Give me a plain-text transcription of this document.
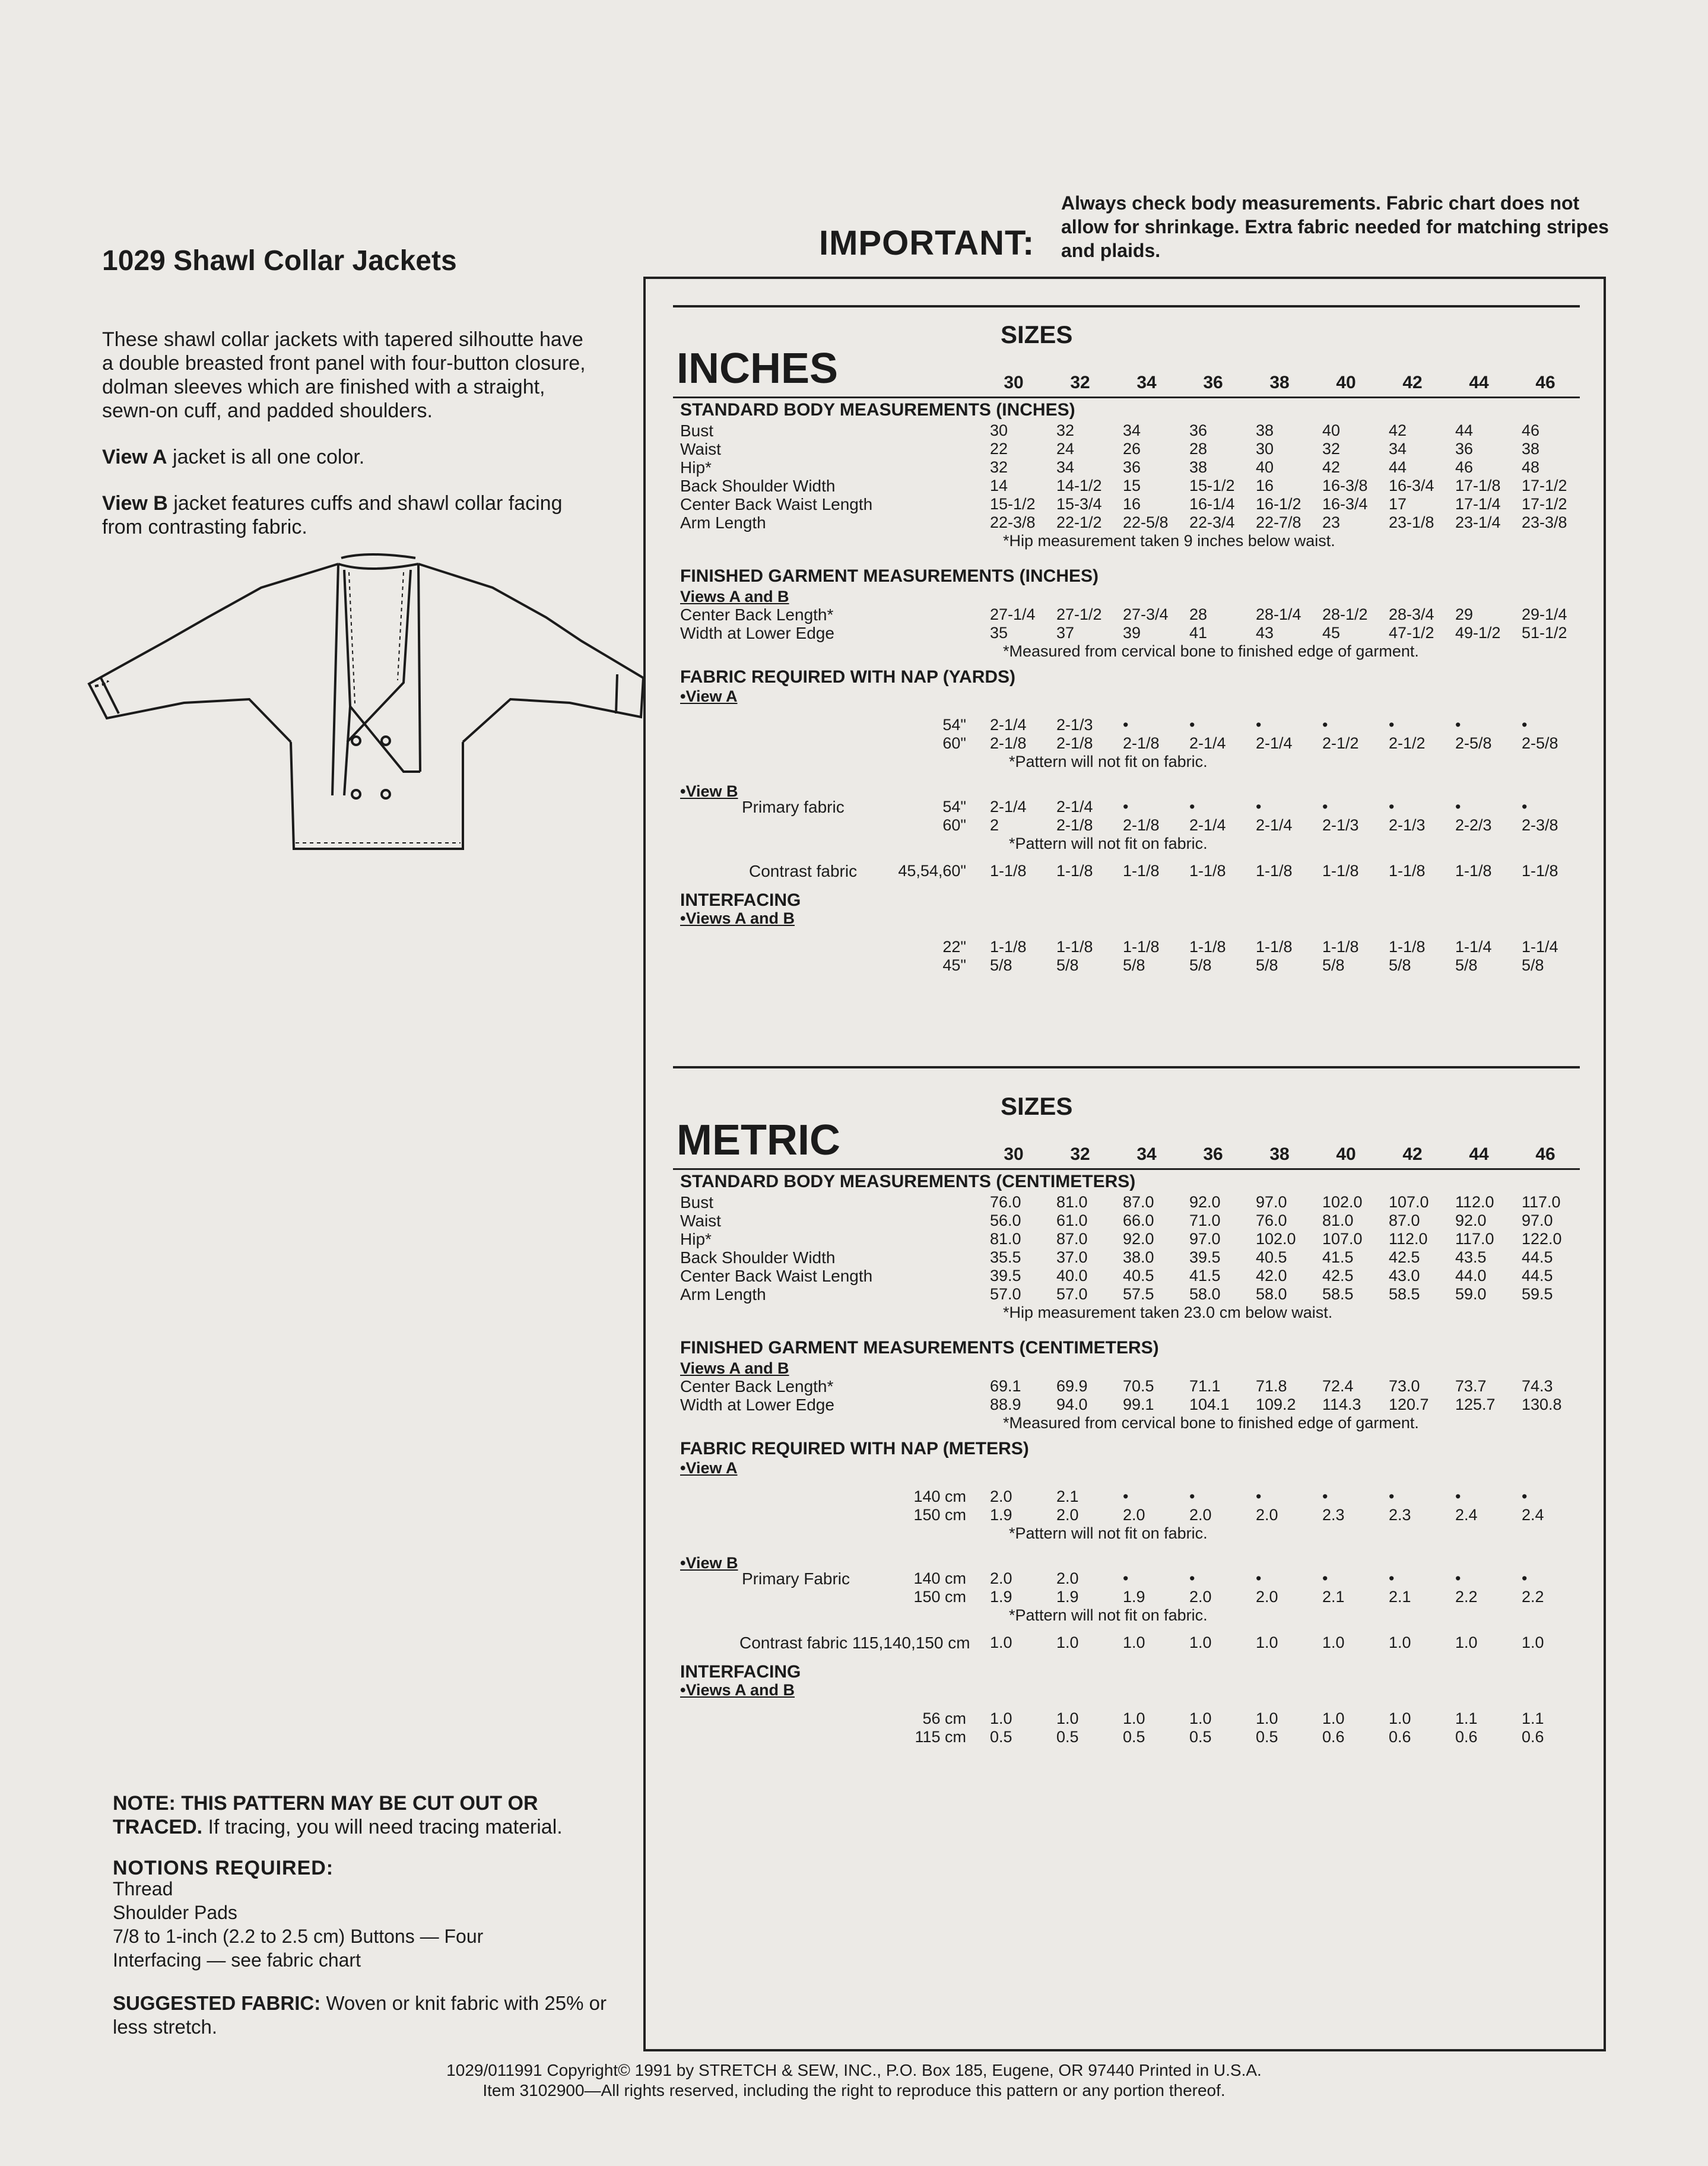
1029 Shawl Collar Jackets
These shawl collar jackets with tapered silhoutte have a double breasted front panel with four-button closure, dolman sleeves which are finished with a straight, sewn-on cuff, and padded shoulders.
View A jacket is all one color.
View B jacket features cuffs and shawl collar facing from contrasting fabric.
NOTE: THIS PATTERN MAY BE CUT OUT OR TRACED. If tracing, you will need tracing material.
NOTIONS REQUIRED:
Thread
Shoulder Pads
7/8 to 1-inch (2.2 to 2.5 cm) Buttons — Four
Interfacing — see fabric chart
SUGGESTED FABRIC: Woven or knit fabric with 25% or less stretch.
IMPORTANT:
Always check body measurements. Fabric chart does not allow for shrinkage. Extra fabric needed for matching stripes and plaids.
SIZES
INCHES	30	32	34	36	38	40	42	44	46
STANDARD BODY MEASUREMENTS (INCHES)
Bust	30	32	34	36	38	40	42	44	46
Waist	22	24	26	28	30	32	34	36	38
Hip*	32	34	36	38	40	42	44	46	48
Back Shoulder Width	14	14-1/2	15	15-1/2	16	16-3/8	16-3/4	17-1/8	17-1/2
Center Back Waist Length	15-1/2	15-3/4	16	16-1/4	16-1/2	16-3/4	17	17-1/4	17-1/2
Arm Length	22-3/8	22-1/2	22-5/8	22-3/4	22-7/8	23	23-1/8	23-1/4	23-3/8
*Hip measurement taken 9 inches below waist.
FINISHED GARMENT MEASUREMENTS (INCHES)
Views A and B
Center Back Length*	27-1/4	27-1/2	27-3/4	28	28-1/4	28-1/2	28-3/4	29	29-1/4
Width at Lower Edge	35	37	39	41	43	45	47-1/2	49-1/2	51-1/2
*Measured from cervical bone to finished edge of garment.
FABRIC REQUIRED WITH NAP (YARDS)
•View A
54" 2-1/4	2-1/3	•	•	•	•	•	•	•
60" 2-1/8	2-1/8	2-1/8	2-1/4	2-1/4	2-1/2	2-1/2	2-5/8	2-5/8
*Pattern will not fit on fabric.
•View B
Primary fabric	54" 2-1/4	2-1/4	•	•	•	•	•	•	•
60" 2	2-1/8	2-1/8	2-1/4	2-1/4	2-1/3	2-1/3	2-2/3	2-3/8
*Pattern will not fit on fabric.
Contrast fabric	45,54,60" 1-1/8	1-1/8	1-1/8	1-1/8	1-1/8	1-1/8	1-1/8	1-1/8	1-1/8
INTERFACING
•Views A and B
22" 1-1/8	1-1/8	1-1/8	1-1/8	1-1/8	1-1/8	1-1/8	1-1/4	1-1/4
45" 5/8	5/8	5/8	5/8	5/8	5/8	5/8	5/8	5/8
SIZES
METRIC	30	32	34	36	38	40	42	44	46
STANDARD BODY MEASUREMENTS (CENTIMETERS)
Bust	76.0	81.0	87.0	92.0	97.0	102.0	107.0	112.0	117.0
Waist	56.0	61.0	66.0	71.0	76.0	81.0	87.0	92.0	97.0
Hip*	81.0	87.0	92.0	97.0	102.0	107.0	112.0	117.0	122.0
Back Shoulder Width	35.5	37.0	38.0	39.5	40.5	41.5	42.5	43.5	44.5
Center Back Waist Length	39.5	40.0	40.5	41.5	42.0	42.5	43.0	44.0	44.5
Arm Length	57.0	57.0	57.5	58.0	58.0	58.5	58.5	59.0	59.5
*Hip measurement taken 23.0 cm below waist.
FINISHED GARMENT MEASUREMENTS (CENTIMETERS)
Views A and B
Center Back Length*	69.1	69.9	70.5	71.1	71.8	72.4	73.0	73.7	74.3
Width at Lower Edge	88.9	94.0	99.1	104.1	109.2	114.3	120.7	125.7	130.8
*Measured from cervical bone to finished edge of garment.
FABRIC REQUIRED WITH NAP (METERS)
•View A
140 cm 2.0	2.1	•	•	•	•	•	•	•
150 cm 1.9	2.0	2.0	2.0	2.0	2.3	2.3	2.4	2.4
*Pattern will not fit on fabric.
•View B
Primary Fabric	140 cm 2.0	2.0	•	•	•	•	•	•	•
150 cm 1.9	1.9	1.9	2.0	2.0	2.1	2.1	2.2	2.2
*Pattern will not fit on fabric.
Contrast fabric 115,140,150 cm 1.0	1.0	1.0	1.0	1.0	1.0	1.0	1.0	1.0
INTERFACING
•Views A and B
56 cm 1.0	1.0	1.0	1.0	1.0	1.0	1.0	1.1	1.1
115 cm 0.5	0.5	0.5	0.5	0.5	0.6	0.6	0.6	0.6
1029/011991 Copyright© 1991 by STRETCH & SEW, INC., P.O. Box 185, Eugene, OR 97440 Printed in U.S.A.
Item 3102900—All rights reserved, including the right to reproduce this pattern or any portion thereof.
